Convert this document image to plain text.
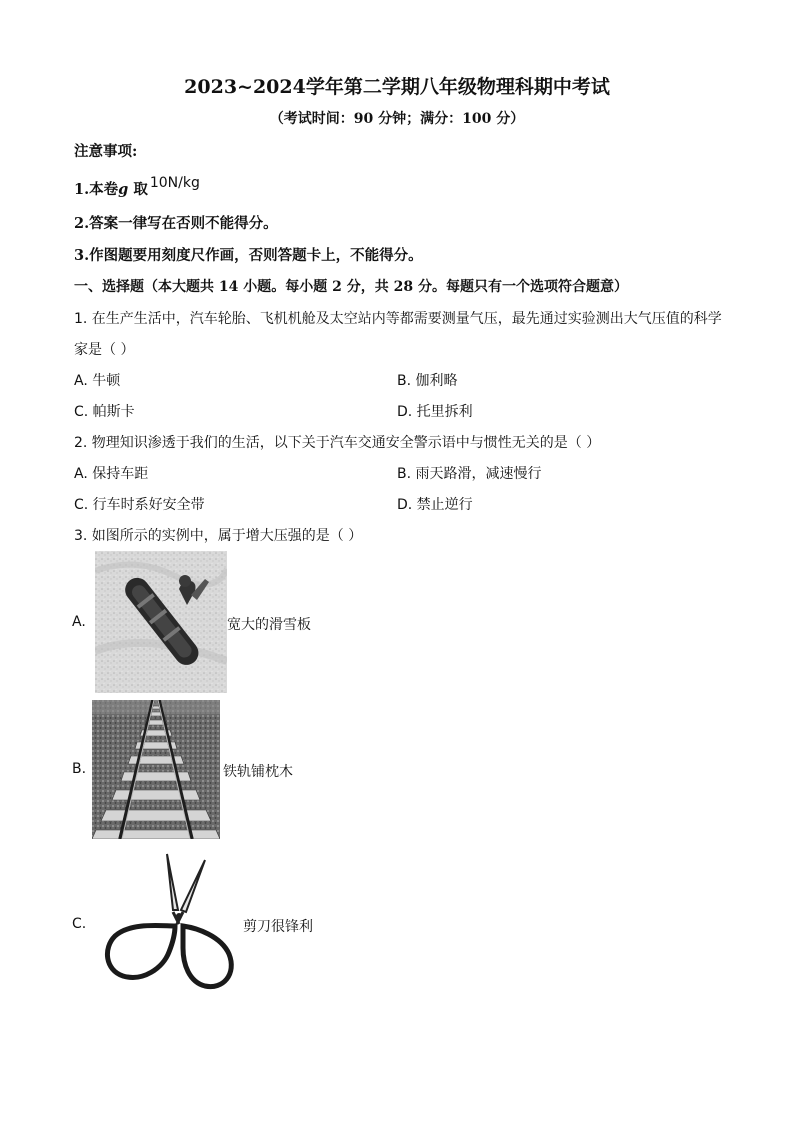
2023~2024学年第二学期八年级物理科期中考试
（考试时间：90 分钟；满分：100 分）
注意事项:
1.本卷g 取 10N/kg
2.答案一律写在否则不能得分。
3.作图题要用刻度尺作画，否则答题卡上，不能得分。
一、选择题（本大题共 14 小题。每小题 2 分，共 28 分。每题只有一个选项符合题意）
1. 在生产生活中，汽车轮胎、飞机机舱及太空站内等都需要测量气压，最先通过实验测出大气压值的科学
家是（ ）
A. 牛顿	B. 伽利略
C. 帕斯卡	D. 托里拆利
2. 物理知识渗透于我们的生活，以下关于汽车交通安全警示语中与惯性无关的是（ ）
A. 保持车距	B. 雨天路滑，减速慢行
C. 行车时系好安全带	D. 禁止逆行
3. 如图所示的实例中，属于增大压强的是（ ）
A.	宽大的滑雪板
B.	铁轨铺枕木
C.	剪刀很锋利
